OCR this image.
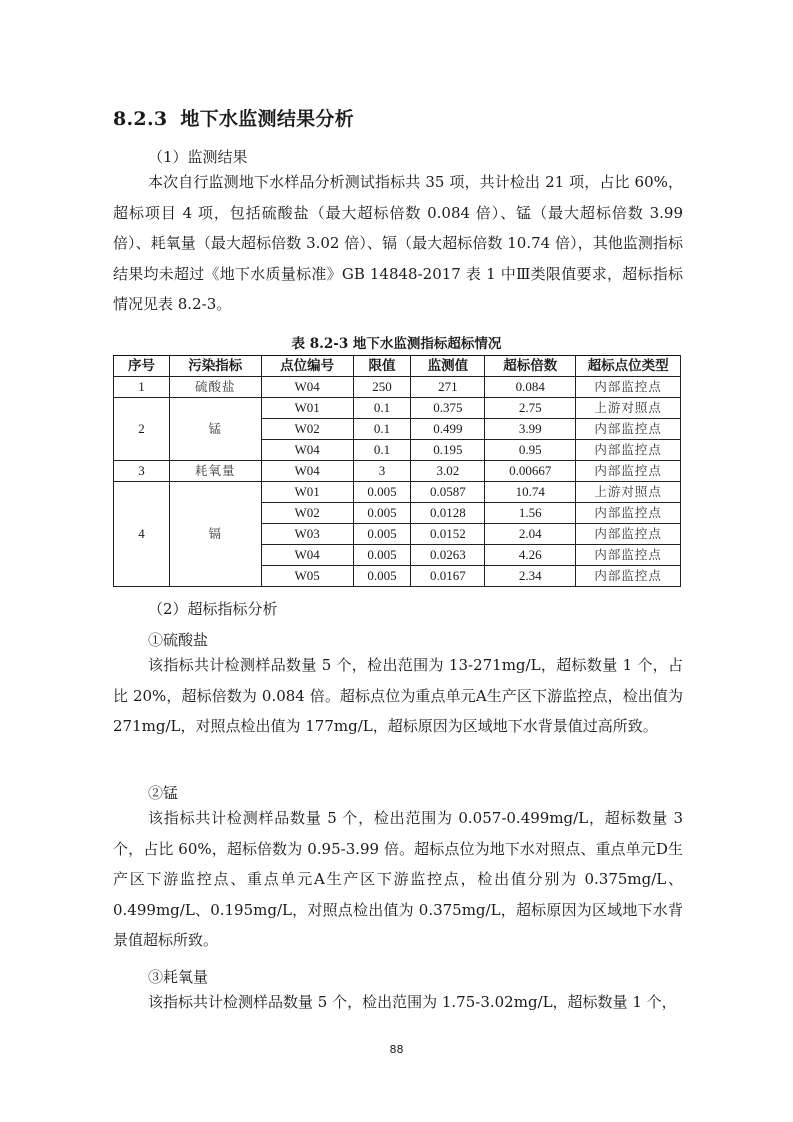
8.2.3 地下水监测结果分析
（1）监测结果
本次自行监测地下水样品分析测试指标共 35 项，共计检出 21 项，占比 60%，超标项目 4 项，包括硫酸盐（最大超标倍数 0.084 倍）、锰（最大超标倍数 3.99 倍）、耗氧量（最大超标倍数 3.02 倍）、镉（最大超标倍数 10.74 倍），其他监测指标结果均未超过《地下水质量标准》GB 14848-2017 表 1 中Ⅲ类限值要求，超标指标情况见表 8.2-3。
表 8.2-3 地下水监测指标超标情况
序号	污染指标	点位编号	限值	监测值	超标倍数	超标点位类型
1	硫酸盐	W04	250	271	0.084	内部监控点
2	锰	W01	0.1	0.375	2.75	上游对照点
		W02	0.1	0.499	3.99	内部监控点
		W04	0.1	0.195	0.95	内部监控点
3	耗氧量	W04	3	3.02	0.00667	内部监控点
4	镉	W01	0.005	0.0587	10.74	上游对照点
		W02	0.005	0.0128	1.56	内部监控点
		W03	0.005	0.0152	2.04	内部监控点
		W04	0.005	0.0263	4.26	内部监控点
		W05	0.005	0.0167	2.34	内部监控点
（2）超标指标分析
①硫酸盐
该指标共计检测样品数量 5 个，检出范围为 13-271mg/L，超标数量 1 个，占比 20%，超标倍数为 0.084 倍。超标点位为重点单元A生产区下游监控点，检出值为 271mg/L，对照点检出值为 177mg/L，超标原因为区域地下水背景值过高所致。
②锰
该指标共计检测样品数量 5 个，检出范围为 0.057-0.499mg/L，超标数量 3 个，占比 60%，超标倍数为 0.95-3.99 倍。超标点位为地下水对照点、重点单元D生产区下游监控点、重点单元A生产区下游监控点，检出值分别为 0.375mg/L、0.499mg/L、0.195mg/L，对照点检出值为 0.375mg/L，超标原因为区域地下水背景值超标所致。
③耗氧量
该指标共计检测样品数量 5 个，检出范围为 1.75-3.02mg/L，超标数量 1 个，
88
